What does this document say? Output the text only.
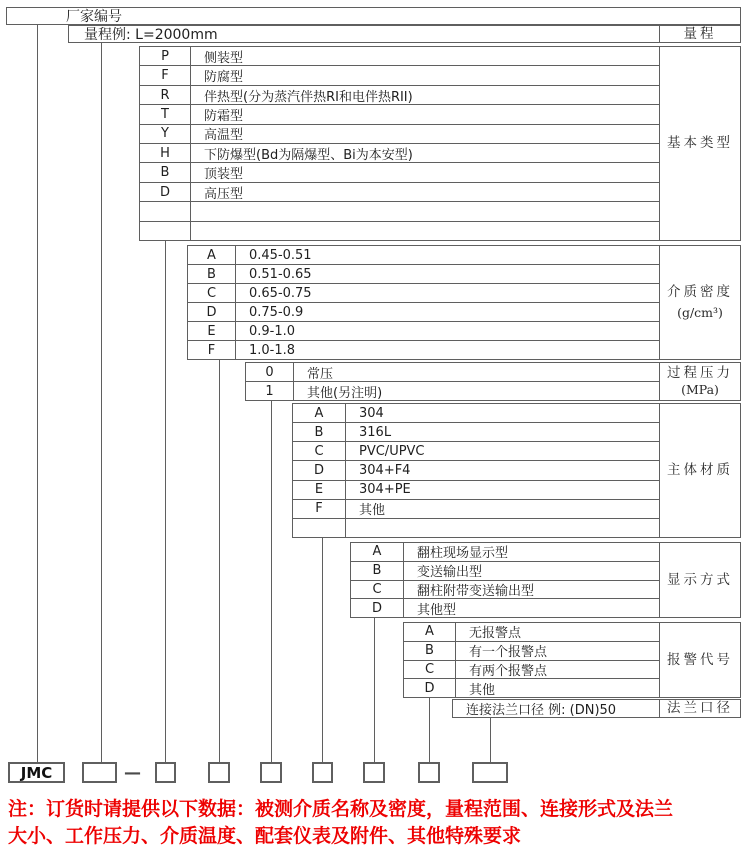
厂家编号
量程例: L=2000mm	量程
P	侧装型
F	防腐型
R	伴热型(分为蒸汽伴热RI和电伴热RII)
T	防霜型
Y	高温型
H	下防爆型(Bd为隔爆型、Bi为本安型)
B	顶装型
D	高压型
基本类型
A	0.45-0.51
B	0.51-0.65
C	0.65-0.75
D	0.75-0.9
E	0.9-1.0
F	1.0-1.8
介质密度
(g/cm³)
0	常压
1	其他(另注明)
过程压力
(MPa)
A	304
B	316L
C	PVC/UPVC
D	304+F4
E	304+PE
F	其他
主体材质
A	翻柱现场显示型
B	变送输出型
C	翻柱附带变送输出型
D	其他型
显示方式
A	无报警点
B	有一个报警点
C	有两个报警点
D	其他
报警代号
连接法兰口径 例: (DN)50	法兰口径
JMC	—
注：订货时请提供以下数据：被测介质名称及密度，量程范围、连接形式及法兰
大小、工作压力、介质温度、配套仪表及附件、其他特殊要求
